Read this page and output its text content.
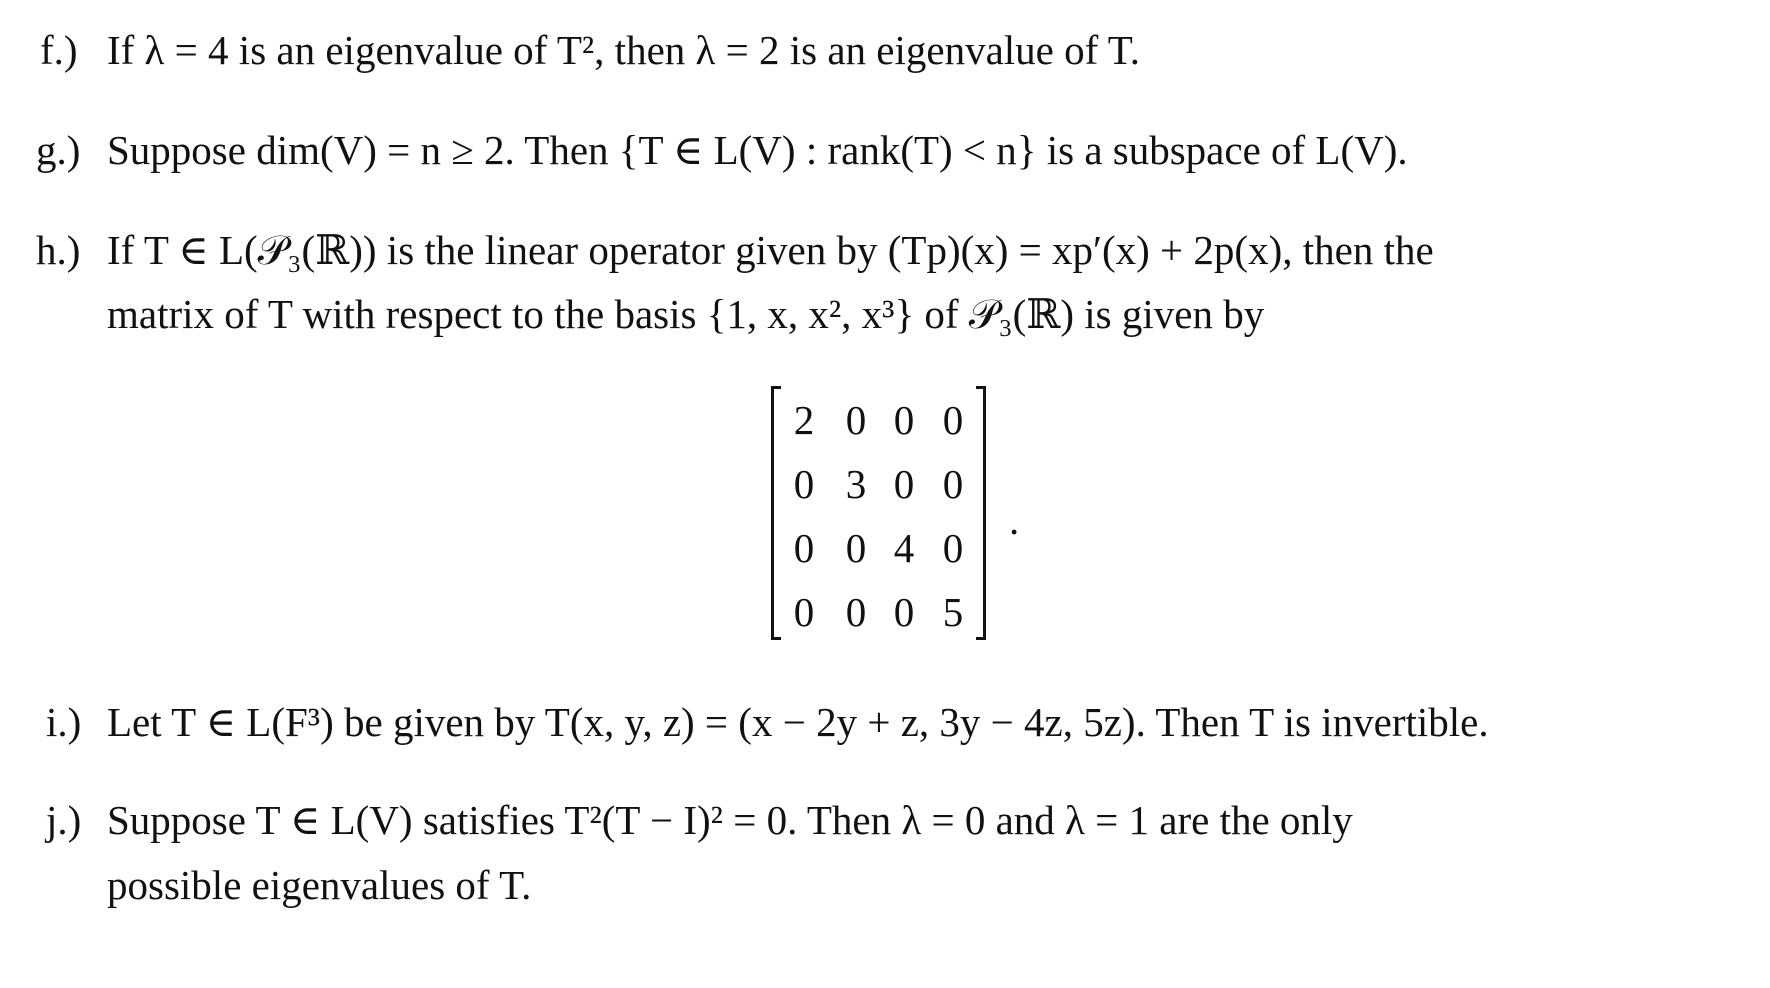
f.) If λ = 4 is an eigenvalue of T², then λ = 2 is an eigenvalue of T.
g.) Suppose dim(V) = n ≥ 2. Then {T ∈ L(V) : rank(T) < n} is a subspace of L(V).
h.) If T ∈ L(𝒫₃(ℝ)) is the linear operator given by (Tp)(x) = xp′(x) + 2p(x), then the
matrix of T with respect to the basis {1, x, x², x³} of 𝒫₃(ℝ) is given by
2 0 0 0
0 3 0 0
0 0 4 0
0 0 0 5
.
i.) Let T ∈ L(F³) be given by T(x, y, z) = (x − 2y + z, 3y − 4z, 5z). Then T is invertible.
j.) Suppose T ∈ L(V) satisfies T²(T − I)² = 0. Then λ = 0 and λ = 1 are the only
possible eigenvalues of T.
